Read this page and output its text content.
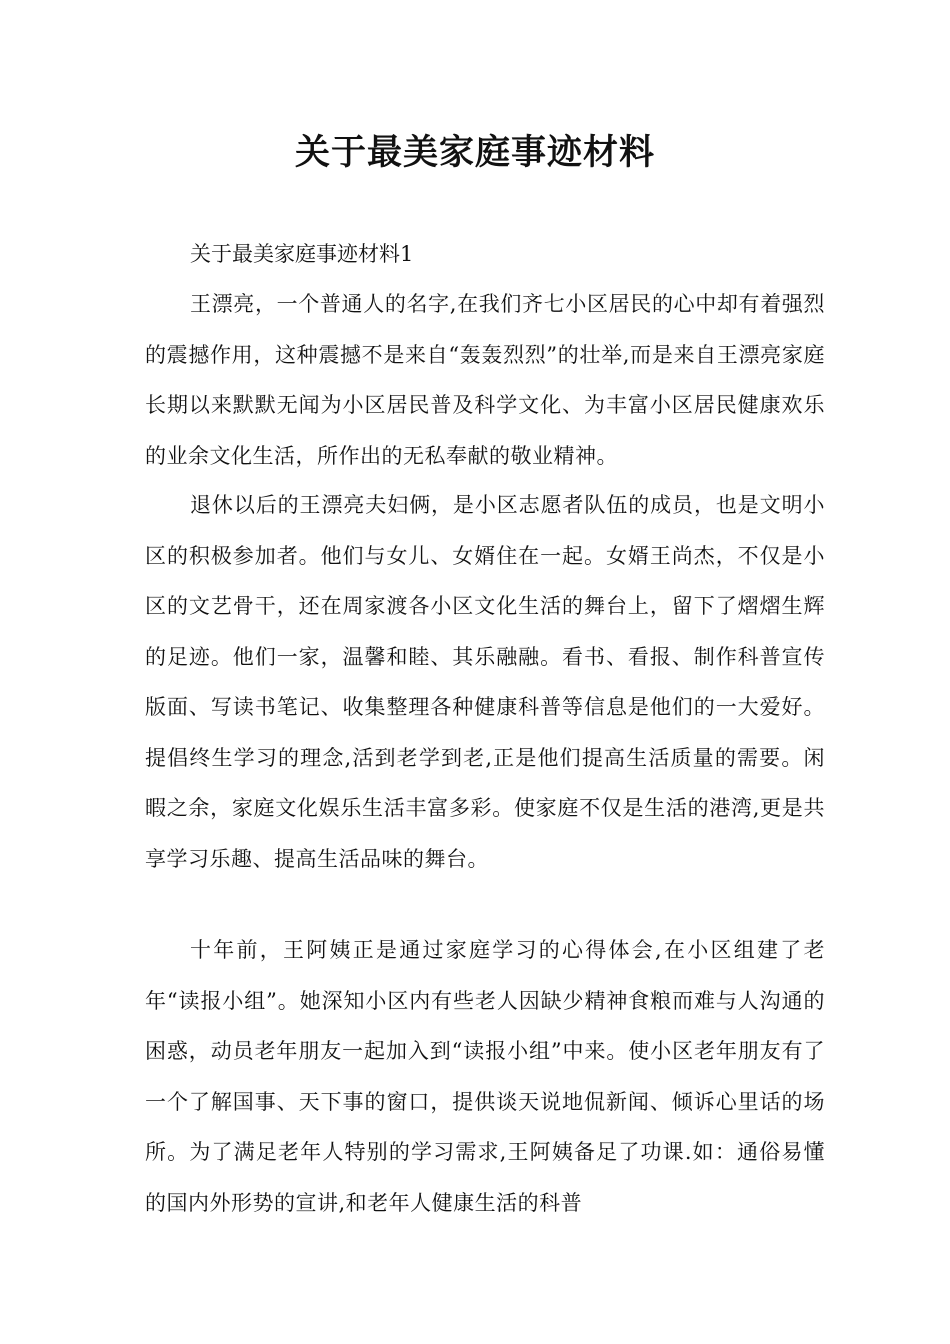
关于最美家庭事迹材料

关于最美家庭事迹材料1

王漂亮，一个普通人的名字,在我们齐七小区居民的心中却有着强烈的震撼作用，这种震撼不是来自“轰轰烈烈”的壮举,而是来自王漂亮家庭长期以来默默无闻为小区居民普及科学文化、为丰富小区居民健康欢乐的业余文化生活，所作出的无私奉献的敬业精神。

退休以后的王漂亮夫妇俩，是小区志愿者队伍的成员，也是文明小区的积极参加者。他们与女儿、女婿住在一起。女婿王尚杰，不仅是小区的文艺骨干，还在周家渡各小区文化生活的舞台上，留下了熠熠生辉的足迹。他们一家，温馨和睦、其乐融融。看书、看报、制作科普宣传版面、写读书笔记、收集整理各种健康科普等信息是他们的一大爱好。提倡终生学习的理念,活到老学到老,正是他们提高生活质量的需要。闲暇之余，家庭文化娱乐生活丰富多彩。使家庭不仅是生活的港湾,更是共享学习乐趣、提高生活品味的舞台。

十年前，王阿姨正是通过家庭学习的心得体会,在小区组建了老年“读报小组”。她深知小区内有些老人因缺少精神食粮而难与人沟通的困惑，动员老年朋友一起加入到“读报小组”中来。使小区老年朋友有了一个了解国事、天下事的窗口，提供谈天说地侃新闻、倾诉心里话的场所。为了满足老年人特别的学习需求,王阿姨备足了功课.如：通俗易懂的国内外形势的宣讲,和老年人健康生活的科普
